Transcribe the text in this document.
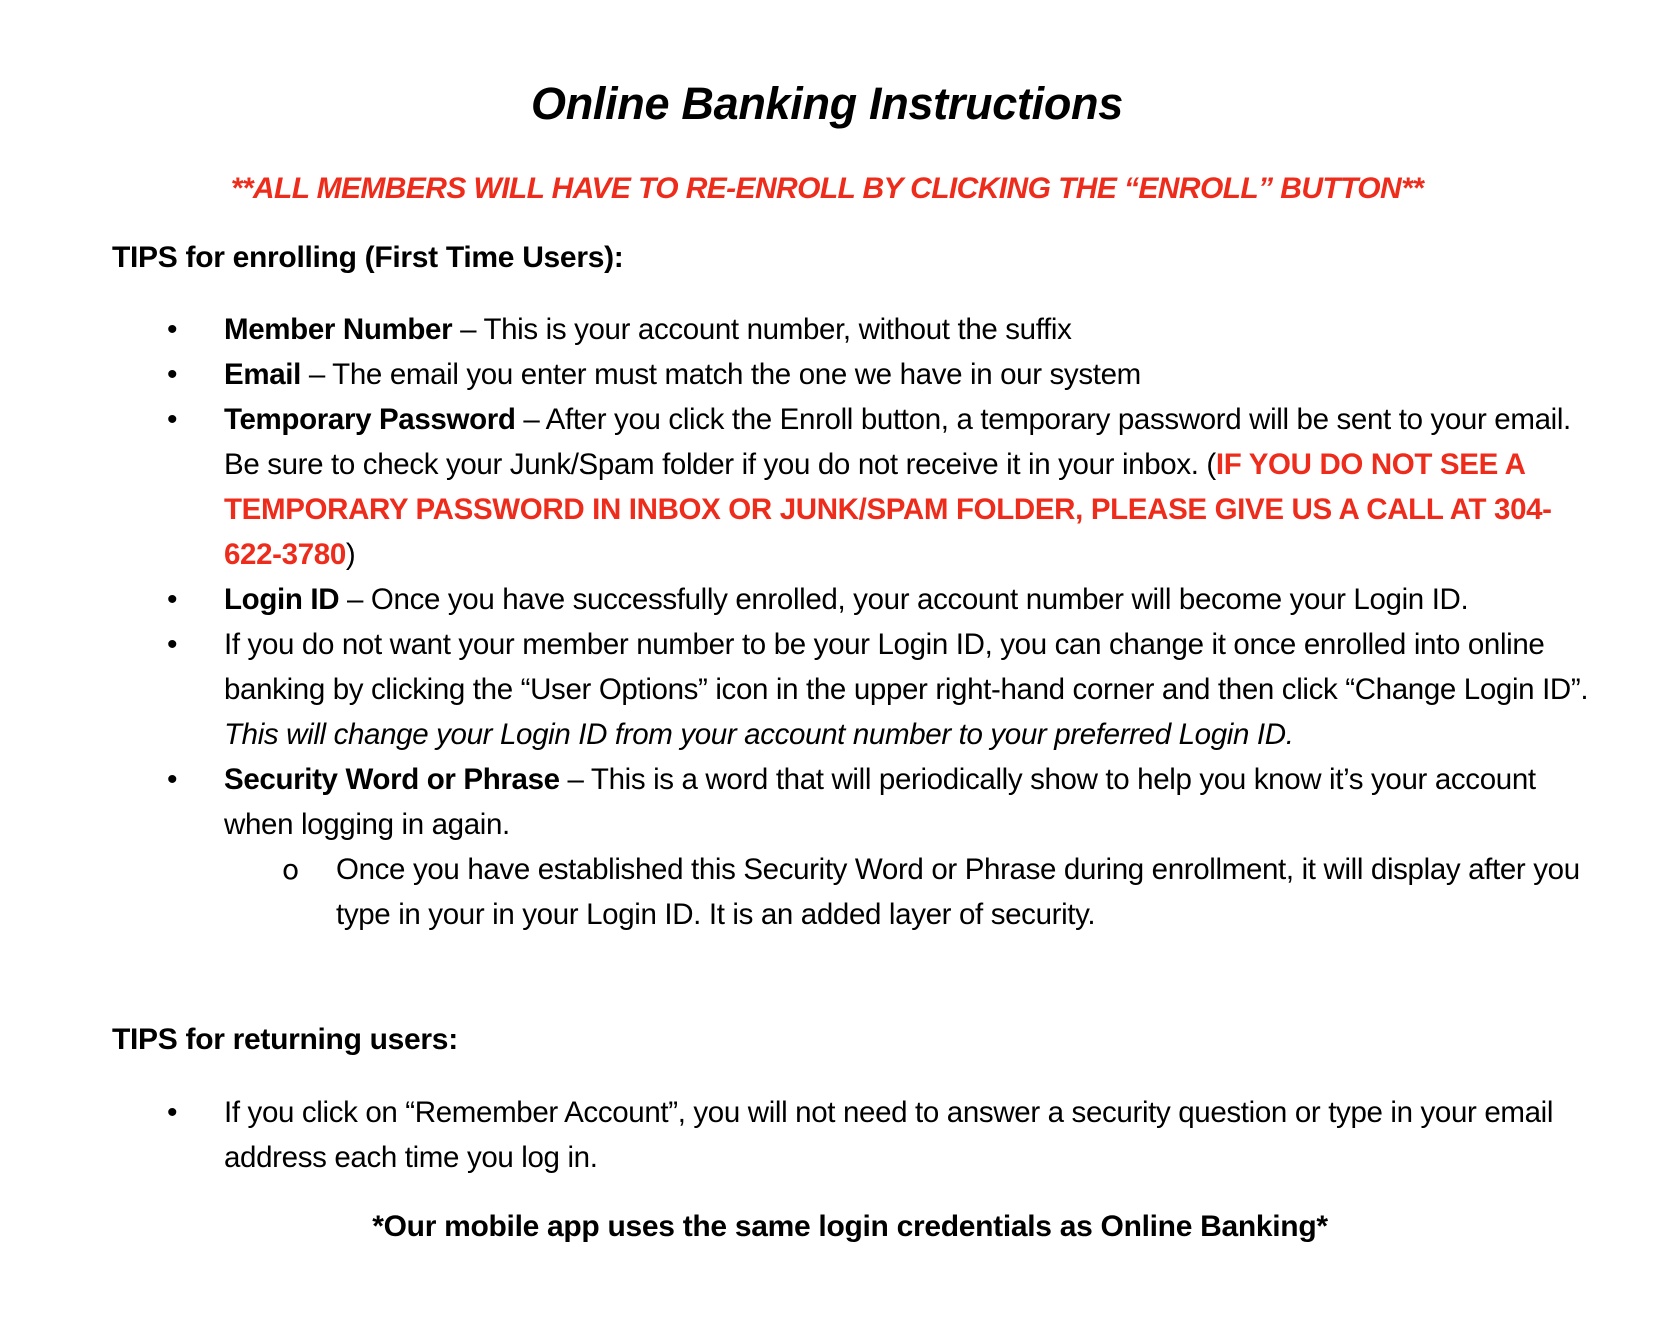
Online Banking Instructions
**ALL MEMBERS WILL HAVE TO RE-ENROLL BY CLICKING THE “ENROLL” BUTTON**
TIPS for enrolling (First Time Users):
• Member Number – This is your account number, without the suffix
• Email – The email you enter must match the one we have in our system
• Temporary Password – After you click the Enroll button, a temporary password will be sent to your email. Be sure to check your Junk/Spam folder if you do not receive it in your inbox. (IF YOU DO NOT SEE A TEMPORARY PASSWORD IN INBOX OR JUNK/SPAM FOLDER, PLEASE GIVE US A CALL AT 304-622-3780)
• Login ID – Once you have successfully enrolled, your account number will become your Login ID.
• If you do not want your member number to be your Login ID, you can change it once enrolled into online banking by clicking the “User Options” icon in the upper right-hand corner and then click “Change Login ID”. This will change your Login ID from your account number to your preferred Login ID.
• Security Word or Phrase – This is a word that will periodically show to help you know it’s your account when logging in again.
o Once you have established this Security Word or Phrase during enrollment, it will display after you type in your in your Login ID. It is an added layer of security.
TIPS for returning users:
• If you click on “Remember Account”, you will not need to answer a security question or type in your email address each time you log in.
*Our mobile app uses the same login credentials as Online Banking*
